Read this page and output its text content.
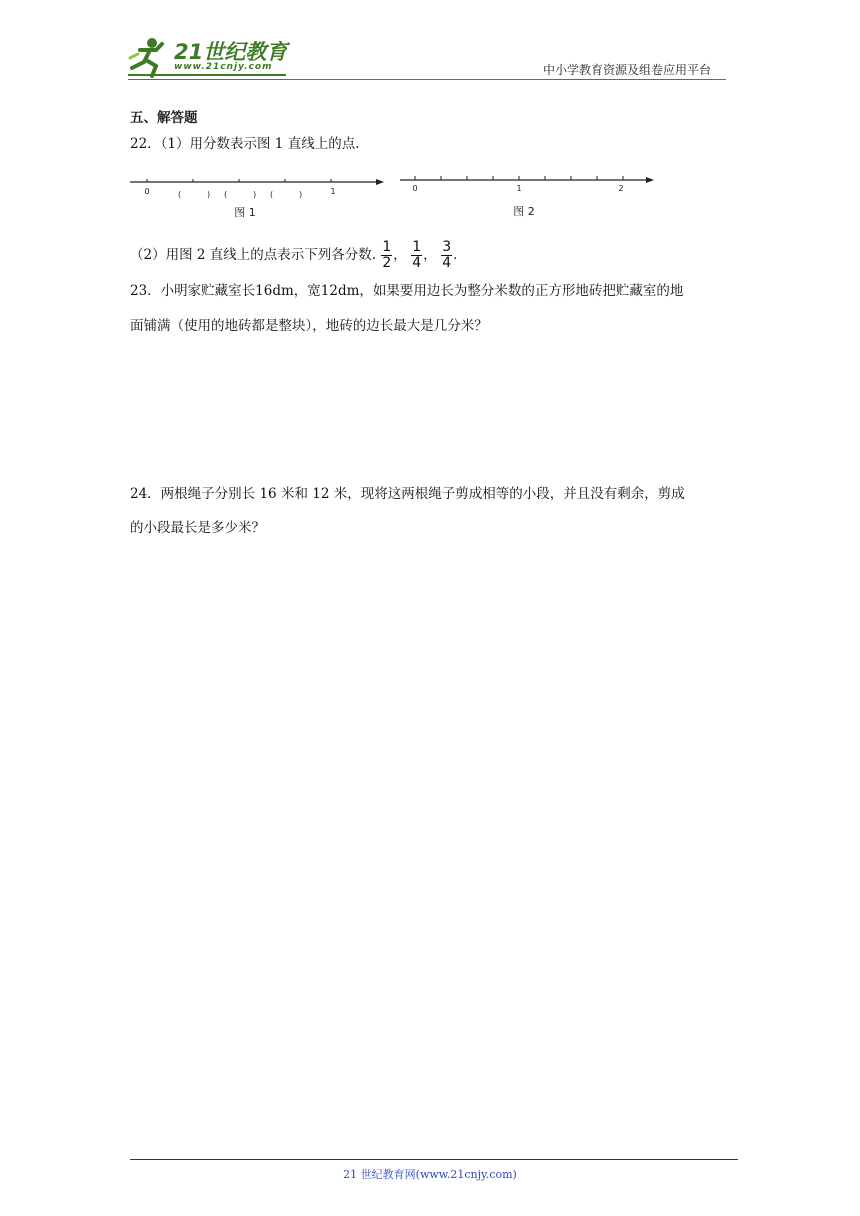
21世纪教育
www.21cnjy.com	中小学教育资源及组卷应用平台
五、解答题
22．（1）用分数表示图 1 直线上的点.
0	1
(	) (	) (	)
图 1
0	1	2
图 2
（2）用图 2 直线上的点表示下列各分数. $\frac{1}{2}$ ， $\frac{1}{4}$ ， $\frac{3}{4}$ .
23．小明家贮藏室长16dm，宽12dm，如果要用边长为整分米数的正方形地砖把贮藏室的地
面铺满（使用的地砖都是整块），地砖的边长最大是几分米？
24．两根绳子分别长 16 米和 12 米，现将这两根绳子剪成相等的小段，并且没有剩余，剪成
的小段最长是多少米？
21 世纪教育网(www.21cnjy.com)
